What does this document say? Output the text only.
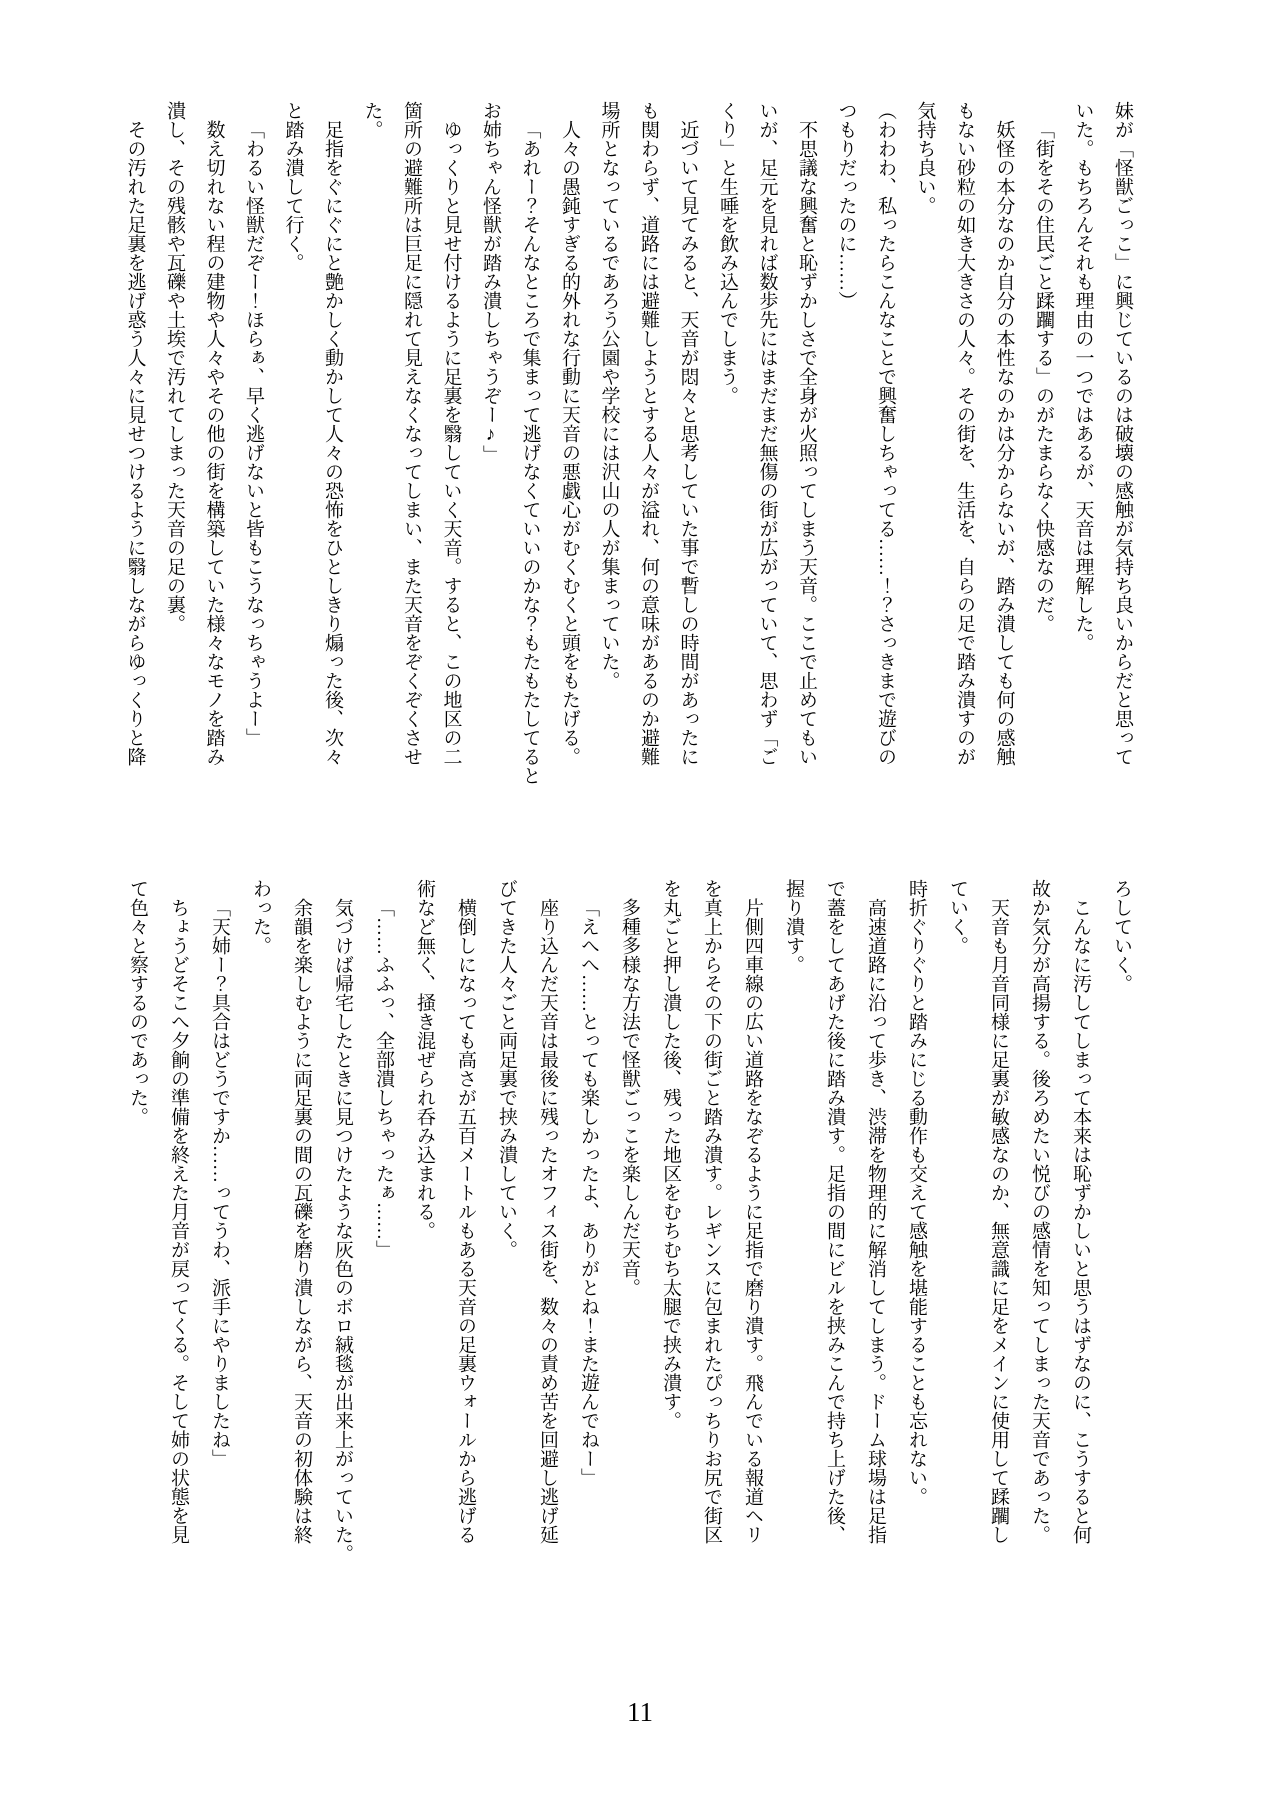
妹が「怪獣ごっこ」に興じているのは破壊の感触が気持ち良いからだと思って

いた。もちろんそれも理由の一つではあるが、天音は理解した。

「街をその住民ごと蹂躙する」のがたまらなく快感なのだ。

妖怪の本分なのか自分の本性なのかは分からないが、踏み潰しても何の感触

もない砂粒の如き大きさの人々。その街を、生活を、自らの足で踏み潰すのが

気持ち良い。

（わわわ、私ったらこんなことで興奮しちゃってる……！？さっきまで遊びの

つもりだったのに……）

不思議な興奮と恥ずかしさで全身が火照ってしまう天音。ここで止めてもい

いが、足元を見れば数歩先にはまだまだ無傷の街が広がっていて、思わず「ご

くり」と生唾を飲み込んでしまう。

近づいて見てみると、天音が悶々と思考していた事で暫しの時間があったに

も関わらず、道路には避難しようとする人々が溢れ、何の意味があるのか避難

場所となっているであろう公園や学校には沢山の人が集まっていた。

人々の愚鈍すぎる的外れな行動に天音の悪戯心がむくむくと頭をもたげる。

「あれー？そんなところで集まって逃げなくていいのかな？もたもたしてると

お姉ちゃん怪獣が踏み潰しちゃうぞー♪」

ゆっくりと見せ付けるように足裏を翳していく天音。すると、この地区の二

箇所の避難所は巨足に隠れて見えなくなってしまい、また天音をぞくぞくさせ

た。

足指をぐにぐにと艶かしく動かして人々の恐怖をひとしきり煽った後、次々

と踏み潰して行く。

「わるい怪獣だぞー！ほらぁ、早く逃げないと皆もこうなっちゃうよー」

数え切れない程の建物や人々やその他の街を構築していた様々なモノを踏み

潰し、その残骸や瓦礫や土埃で汚れてしまった天音の足の裏。

その汚れた足裏を逃げ惑う人々に見せつけるように翳しながらゆっくりと降

ろしていく。

こんなに汚してしまって本来は恥ずかしいと思うはずなのに、こうすると何

故か気分が高揚する。後ろめたい悦びの感情を知ってしまった天音であった。

天音も月音同様に足裏が敏感なのか、無意識に足をメインに使用して蹂躙し

ていく。

時折ぐりぐりと踏みにじる動作も交えて感触を堪能することも忘れない。

高速道路に沿って歩き、渋滞を物理的に解消してしまう。ドーム球場は足指

で蓋をしてあげた後に踏み潰す。足指の間にビルを挟みこんで持ち上げた後、

握り潰す。

片側四車線の広い道路をなぞるように足指で磨り潰す。飛んでいる報道ヘリ

を真上からその下の街ごと踏み潰す。レギンスに包まれたぴっちりお尻で街区

を丸ごと押し潰した後、残った地区をむちむち太腿で挟み潰す。

多種多様な方法で怪獣ごっこを楽しんだ天音。

「えへへ……とっても楽しかったよ、ありがとね！また遊んでねー」

座り込んだ天音は最後に残ったオフィス街を、数々の責め苦を回避し逃げ延

びてきた人々ごと両足裏で挟み潰していく。

横倒しになっても高さが五百メートルもある天音の足裏ウォールから逃げる

術など無く、掻き混ぜられ呑み込まれる。

「……ふふっ、全部潰しちゃったぁ……」

気づけば帰宅したときに見つけたような灰色のボロ絨毯が出来上がっていた。

余韻を楽しむように両足裏の間の瓦礫を磨り潰しながら、天音の初体験は終

わった。

「天姉ー？具合はどうですか……ってうわ、派手にやりましたね」

ちょうどそこへ夕餉の準備を終えた月音が戻ってくる。そして姉の状態を見

て色々と察するのであった。

11
